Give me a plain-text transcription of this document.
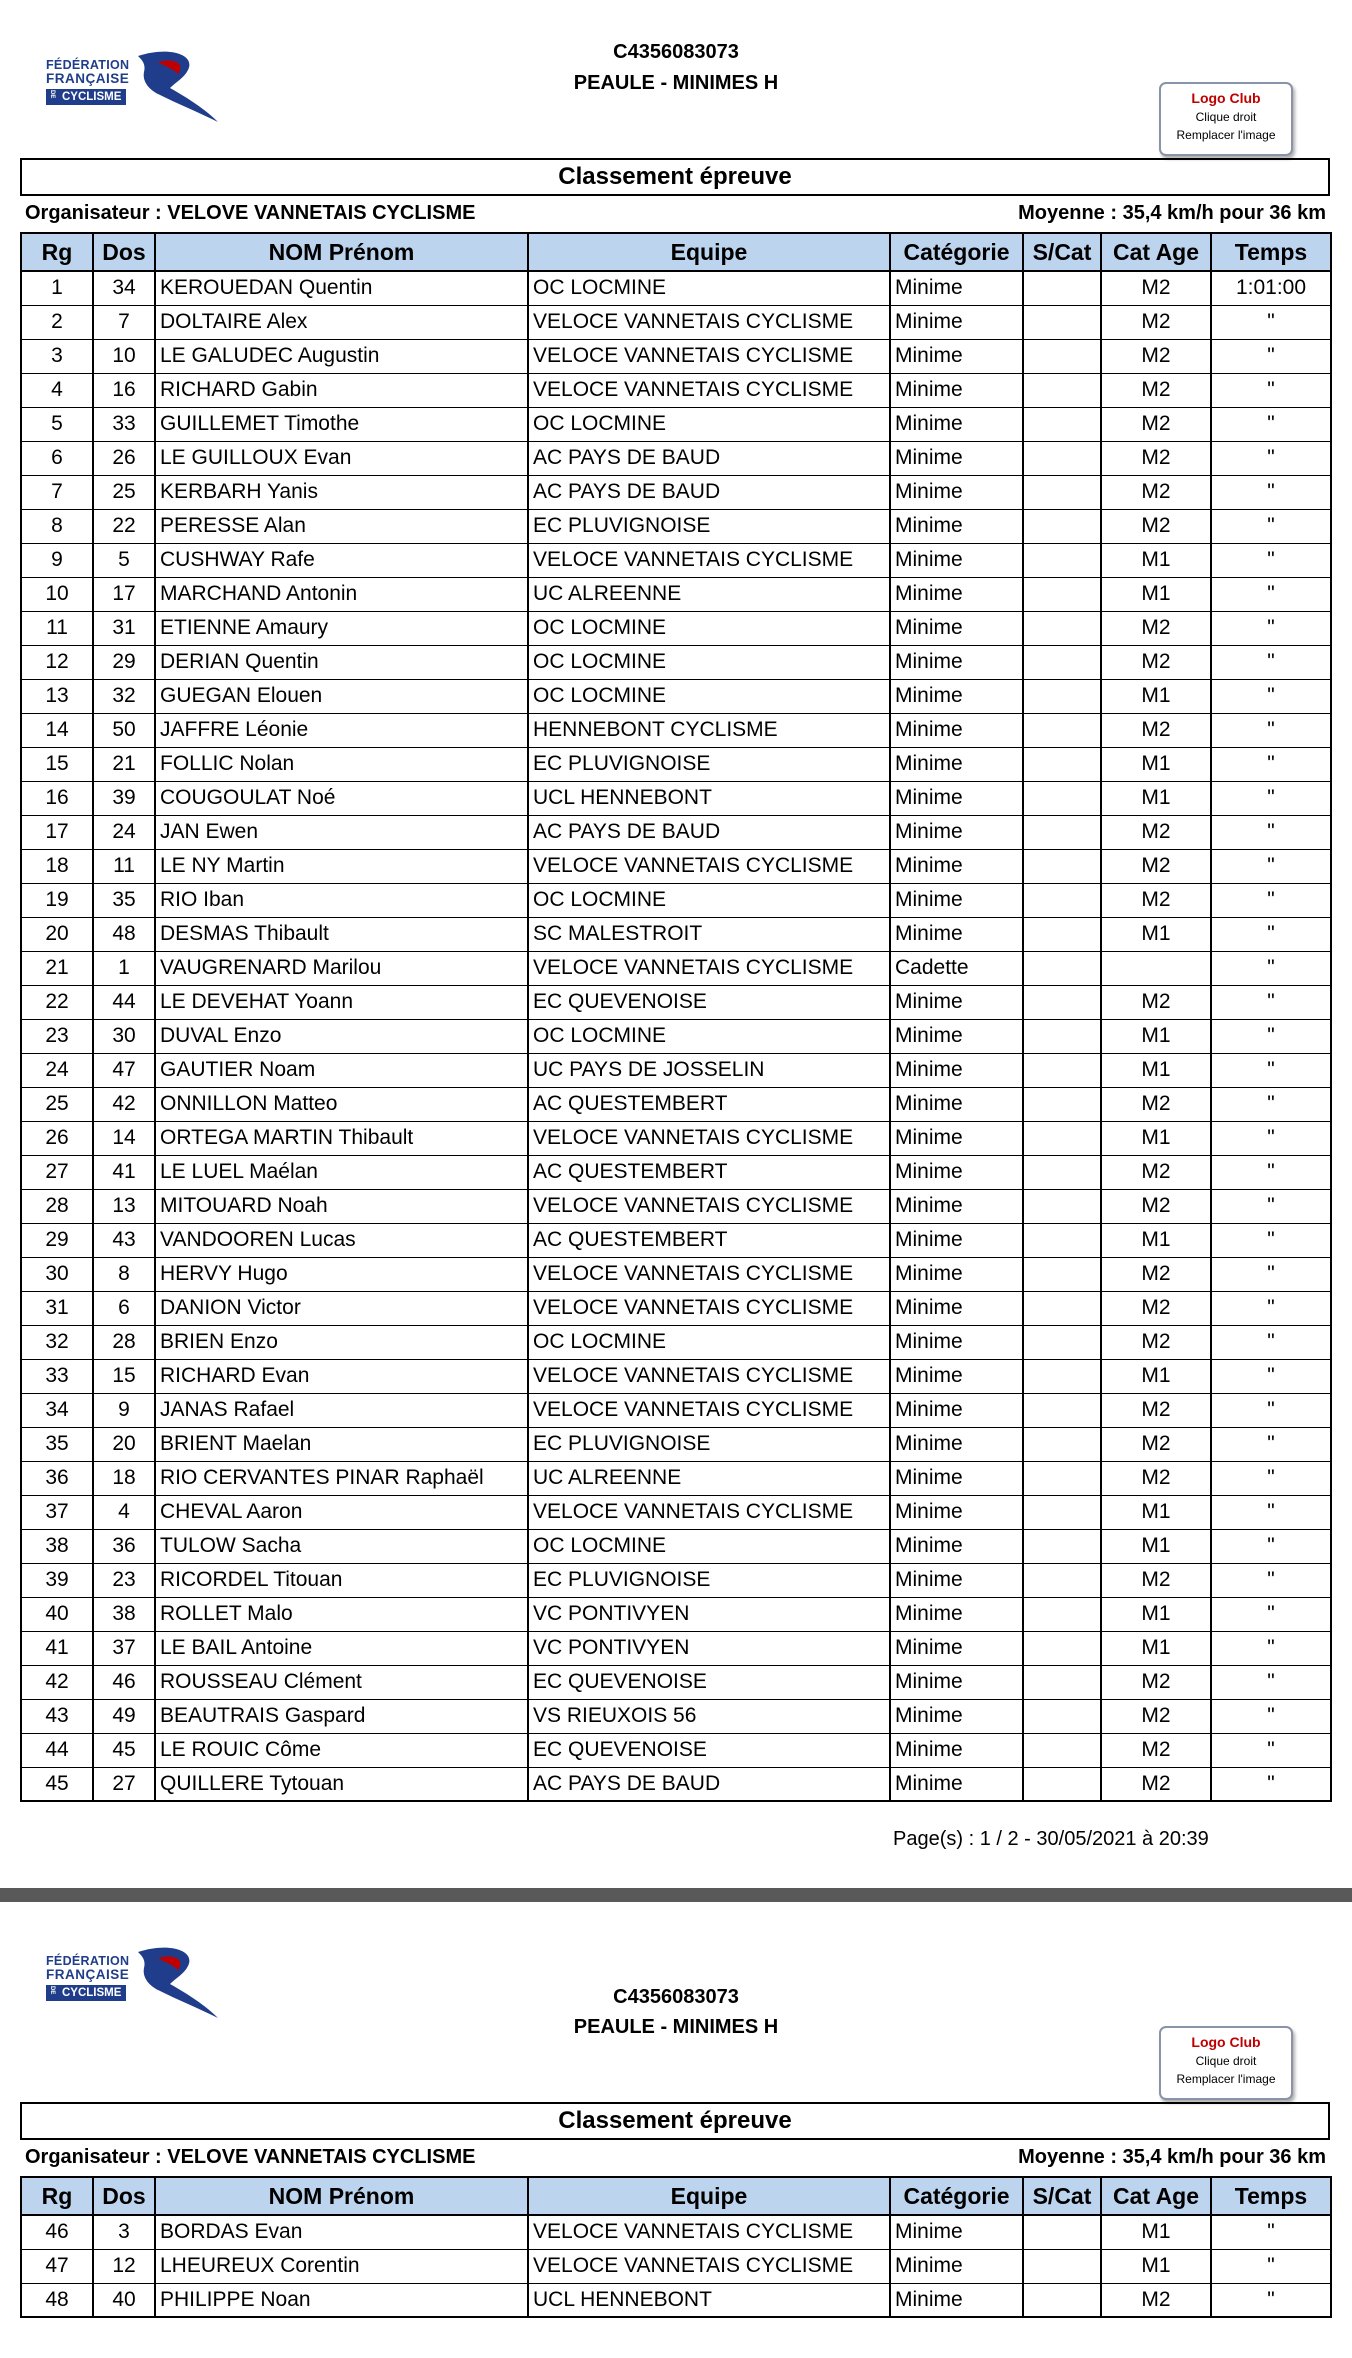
FÉDÉRATION
FRANÇAISE
DE CYCLISME
C4356083073
PEAULE - MINIMES H
Logo Club
Clique droit
Remplacer l'image
Classement épreuve
Organisateur : VELOVE VANNETAIS CYCLISME	Moyenne : 35,4 km/h pour 36 km
Rg	Dos	NOM Prénom	Equipe	Catégorie	S/Cat	Cat Age	Temps
1	34	KEROUEDAN Quentin	OC LOCMINE	Minime		M2	1:01:00
2	7	DOLTAIRE Alex	VELOCE VANNETAIS CYCLISME	Minime		M2	"
3	10	LE GALUDEC Augustin	VELOCE VANNETAIS CYCLISME	Minime		M2	"
4	16	RICHARD Gabin	VELOCE VANNETAIS CYCLISME	Minime		M2	"
5	33	GUILLEMET Timothe	OC LOCMINE	Minime		M2	"
6	26	LE GUILLOUX Evan	AC PAYS DE BAUD	Minime		M2	"
7	25	KERBARH Yanis	AC PAYS DE BAUD	Minime		M2	"
8	22	PERESSE Alan	EC PLUVIGNOISE	Minime		M2	"
9	5	CUSHWAY Rafe	VELOCE VANNETAIS CYCLISME	Minime		M1	"
10	17	MARCHAND Antonin	UC ALREENNE	Minime		M1	"
11	31	ETIENNE Amaury	OC LOCMINE	Minime		M2	"
12	29	DERIAN Quentin	OC LOCMINE	Minime		M2	"
13	32	GUEGAN Elouen	OC LOCMINE	Minime		M1	"
14	50	JAFFRE Léonie	HENNEBONT CYCLISME	Minime		M2	"
15	21	FOLLIC Nolan	EC PLUVIGNOISE	Minime		M1	"
16	39	COUGOULAT Noé	UCL HENNEBONT	Minime		M1	"
17	24	JAN Ewen	AC PAYS DE BAUD	Minime		M2	"
18	11	LE NY Martin	VELOCE VANNETAIS CYCLISME	Minime		M2	"
19	35	RIO Iban	OC LOCMINE	Minime		M2	"
20	48	DESMAS Thibault	SC MALESTROIT	Minime		M1	"
21	1	VAUGRENARD Marilou	VELOCE VANNETAIS CYCLISME	Cadette			"
22	44	LE DEVEHAT Yoann	EC QUEVENOISE	Minime		M2	"
23	30	DUVAL Enzo	OC LOCMINE	Minime		M1	"
24	47	GAUTIER Noam	UC PAYS DE JOSSELIN	Minime		M1	"
25	42	ONNILLON Matteo	AC QUESTEMBERT	Minime		M2	"
26	14	ORTEGA MARTIN Thibault	VELOCE VANNETAIS CYCLISME	Minime		M1	"
27	41	LE LUEL Maélan	AC QUESTEMBERT	Minime		M2	"
28	13	MITOUARD Noah	VELOCE VANNETAIS CYCLISME	Minime		M2	"
29	43	VANDOOREN Lucas	AC QUESTEMBERT	Minime		M1	"
30	8	HERVY Hugo	VELOCE VANNETAIS CYCLISME	Minime		M2	"
31	6	DANION Victor	VELOCE VANNETAIS CYCLISME	Minime		M2	"
32	28	BRIEN Enzo	OC LOCMINE	Minime		M2	"
33	15	RICHARD Evan	VELOCE VANNETAIS CYCLISME	Minime		M1	"
34	9	JANAS Rafael	VELOCE VANNETAIS CYCLISME	Minime		M2	"
35	20	BRIENT Maelan	EC PLUVIGNOISE	Minime		M2	"
36	18	RIO CERVANTES PINAR Raphaël	UC ALREENNE	Minime		M2	"
37	4	CHEVAL Aaron	VELOCE VANNETAIS CYCLISME	Minime		M1	"
38	36	TULOW Sacha	OC LOCMINE	Minime		M1	"
39	23	RICORDEL Titouan	EC PLUVIGNOISE	Minime		M2	"
40	38	ROLLET Malo	VC PONTIVYEN	Minime		M1	"
41	37	LE BAIL Antoine	VC PONTIVYEN	Minime		M1	"
42	46	ROUSSEAU Clément	EC QUEVENOISE	Minime		M2	"
43	49	BEAUTRAIS Gaspard	VS RIEUXOIS 56	Minime		M2	"
44	45	LE ROUIC Côme	EC QUEVENOISE	Minime		M2	"
45	27	QUILLERE Tytouan	AC PAYS DE BAUD	Minime		M2	"
Page(s) : 1 / 2 - 30/05/2021 à 20:39
FÉDÉRATION
FRANÇAISE
DE CYCLISME	C4356083073
PEAULE - MINIMES H
Logo Club
Clique droit
Remplacer l'image
Classement épreuve
Organisateur : VELOVE VANNETAIS CYCLISME	Moyenne : 35,4 km/h pour 36 km
Rg	Dos	NOM Prénom	Equipe	Catégorie	S/Cat	Cat Age	Temps
46	3	BORDAS Evan	VELOCE VANNETAIS CYCLISME	Minime		M1	"
47	12	LHEUREUX Corentin	VELOCE VANNETAIS CYCLISME	Minime		M1	"
48	40	PHILIPPE Noan	UCL HENNEBONT	Minime		M2	"
